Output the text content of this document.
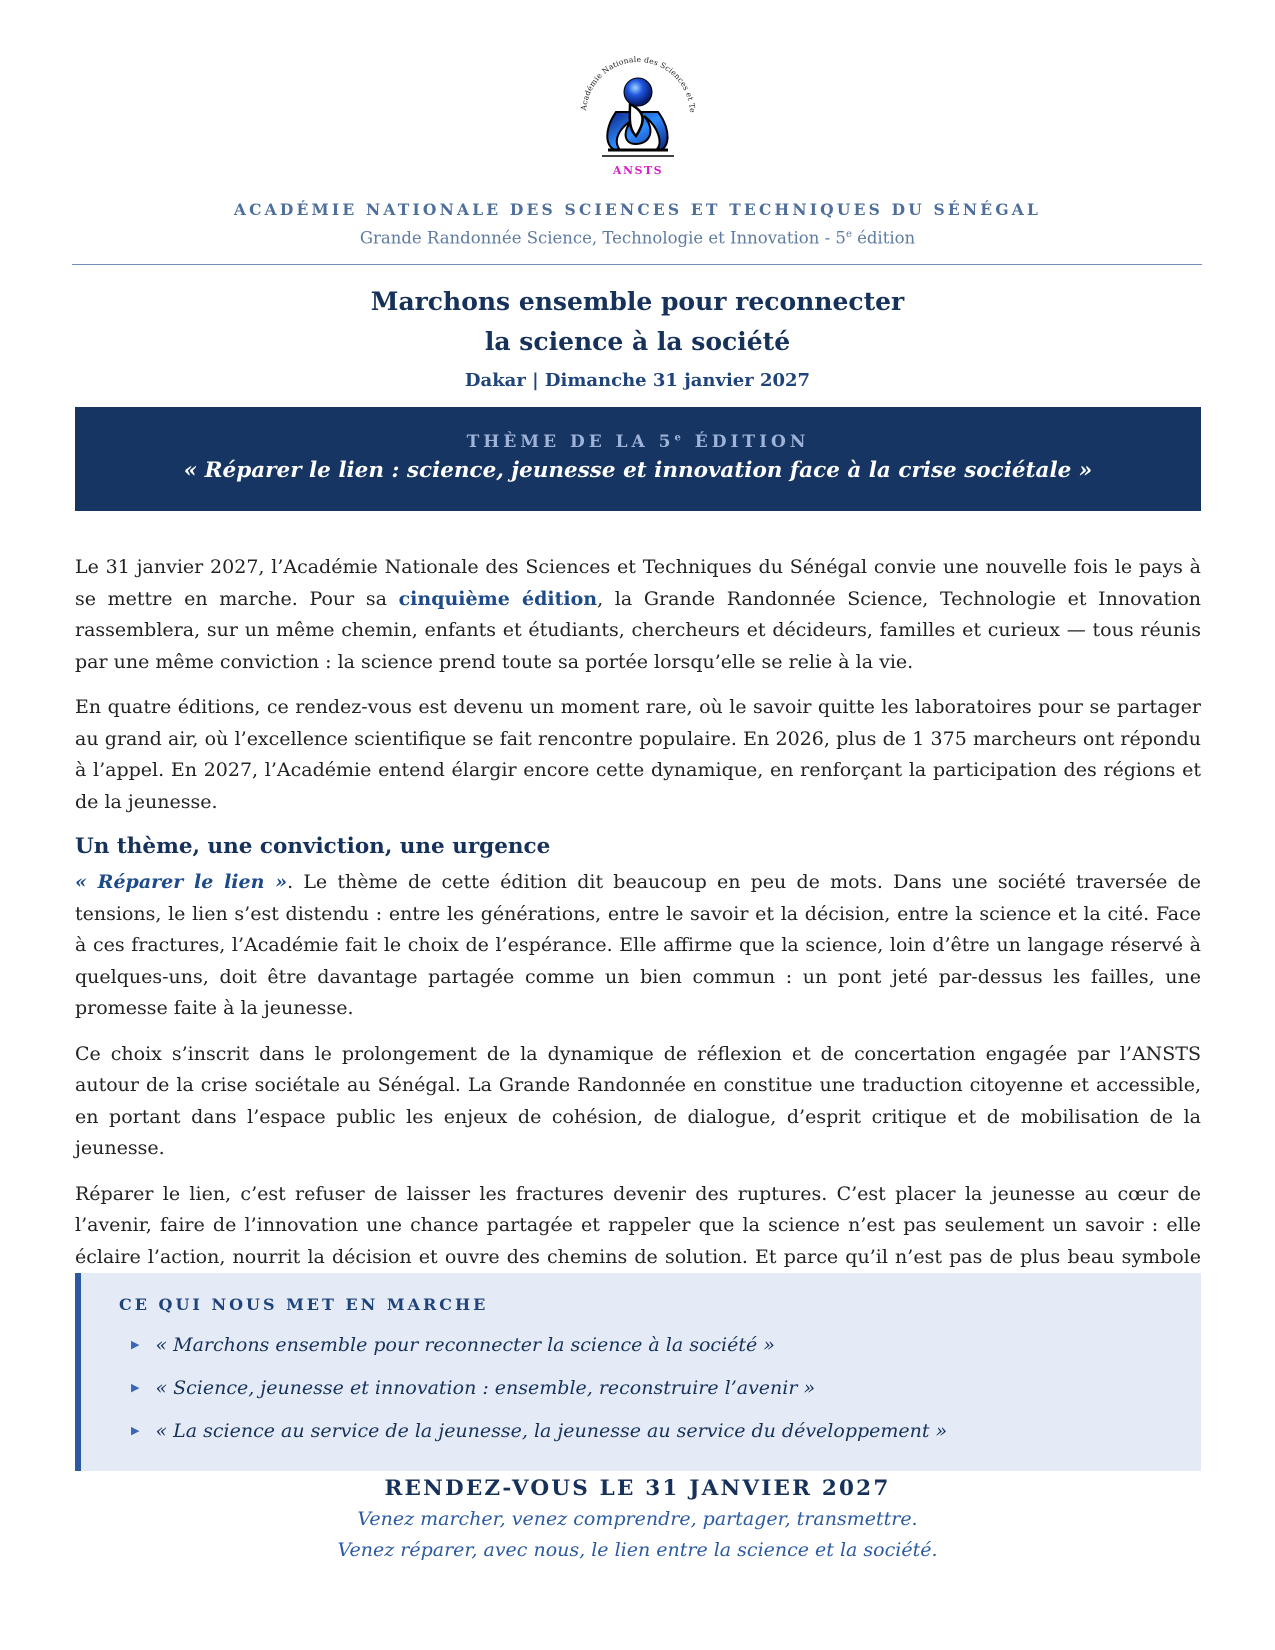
Académie Nationale des Sciences et Te
ANSTS
ACADÉMIE NATIONALE DES SCIENCES ET TECHNIQUES DU SÉNÉGAL
Grande Randonnée Science, Technologie et Innovation - 5e édition
Marchons ensemble pour reconnecter
la science à la société
Dakar | Dimanche 31 janvier 2027
THÈME DE LA 5e ÉDITION
« Réparer le lien : science, jeunesse et innovation face à la crise sociétale »

Le 31 janvier 2027, l’Académie Nationale des Sciences et Techniques du Sénégal convie une nouvelle fois le pays à se mettre en marche. Pour sa cinquième édition, la Grande Randonnée Science, Technologie et Innovation rassemblera, sur un même chemin, enfants et étudiants, chercheurs et décideurs, familles et curieux — tous réunis par une même conviction : la science prend toute sa portée lorsqu’elle se relie à la vie.

En quatre éditions, ce rendez-vous est devenu un moment rare, où le savoir quitte les laboratoires pour se partager au grand air, où l’excellence scientifique se fait rencontre populaire. En 2026, plus de 1 375 marcheurs ont répondu à l’appel. En 2027, l’Académie entend élargir encore cette dynamique, en renforçant la participation des régions et de la jeunesse.

Un thème, une conviction, une urgence

« Réparer le lien ». Le thème de cette édition dit beaucoup en peu de mots. Dans une société traversée de tensions, le lien s’est distendu : entre les générations, entre le savoir et la décision, entre la science et la cité. Face à ces fractures, l’Académie fait le choix de l’espérance. Elle affirme que la science, loin d’être un langage réservé à quelques-uns, doit être davantage partagée comme un bien commun : un pont jeté par-dessus les failles, une promesse faite à la jeunesse.

Ce choix s’inscrit dans le prolongement de la dynamique de réflexion et de concertation engagée par l’ANSTS autour de la crise sociétale au Sénégal. La Grande Randonnée en constitue une traduction citoyenne et accessible, en portant dans l’espace public les enjeux de cohésion, de dialogue, d’esprit critique et de mobilisation de la jeunesse.

Réparer le lien, c’est refuser de laisser les fractures devenir des ruptures. C’est placer la jeunesse au cœur de l’avenir, faire de l’innovation une chance partagée et rappeler que la science n’est pas seulement un savoir : elle éclaire l’action, nourrit la décision et ouvre des chemins de solution. Et parce qu’il n’est pas de plus beau symbole

CE QUI NOUS MET EN MARCHE
▶ « Marchons ensemble pour reconnecter la science à la société »
▶ « Science, jeunesse et innovation : ensemble, reconstruire l’avenir »
▶ « La science au service de la jeunesse, la jeunesse au service du développement »
RENDEZ-VOUS LE 31 JANVIER 2027
Venez marcher, venez comprendre, partager, transmettre.
Venez réparer, avec nous, le lien entre la science et la société.
